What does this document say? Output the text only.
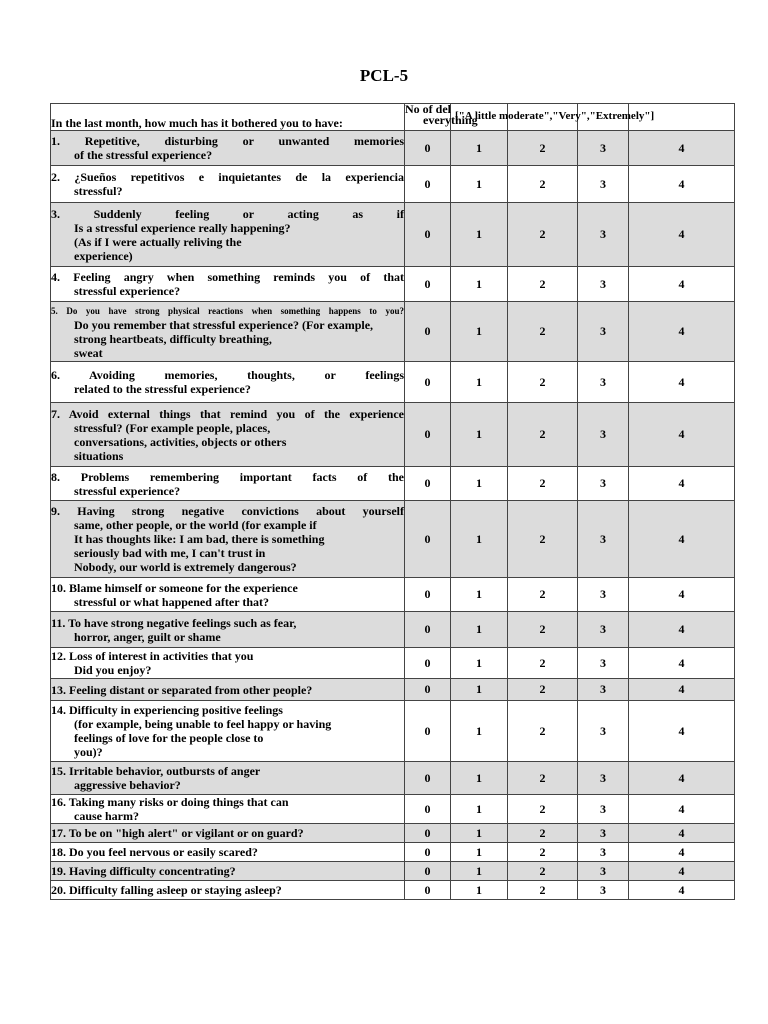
PCL-5
In the last month, how much has it bothered you to have:	No of del
everything	["A little moderate","Very","Extremely"]			

1. Repetitive, disturbing or unwanted memories
of the stressful experience?	0	1	2	3	4

2. ¿Sueños repetitivos e inquietantes de la experiencia
stressful?	0	1	2	3	4

3. Suddenly feeling or acting as if
Is a stressful experience really happening?
(As if I were actually reliving the
experience)	0	1	2	3	4

4. Feeling angry when something reminds you of that
stressful experience?	0	1	2	3	4

5. Do you have strong physical reactions when something happens to you?
Do you remember that stressful experience? (For example,
strong heartbeats, difficulty breathing,
sweat	0	1	2	3	4

6. Avoiding memories, thoughts, or feelings
related to the stressful experience?	0	1	2	3	4

7. Avoid external things that remind you of the experience
stressful? (For example people, places,
conversations, activities, objects or others
situations	0	1	2	3	4

8. Problems remembering important facts of the
stressful experience?	0	1	2	3	4

9. Having strong negative convictions about yourself
same, other people, or the world (for example if
It has thoughts like: I am bad, there is something
seriously bad with me, I can't trust in
Nobody, our world is extremely dangerous?	0	1	2	3	4

10. Blame himself or someone for the experience
stressful or what happened after that?	0	1	2	3	4

11. To have strong negative feelings such as fear,
horror, anger, guilt or shame	0	1	2	3	4

12. Loss of interest in activities that you
Did you enjoy?	0	1	2	3	4

13. Feeling distant or separated from other people?	0	1	2	3	4

14. Difficulty in experiencing positive feelings
(for example, being unable to feel happy or having
feelings of love for the people close to
you)?	0	1	2	3	4

15. Irritable behavior, outbursts of anger
aggressive behavior?	0	1	2	3	4

16. Taking many risks or doing things that can
cause harm?	0	1	2	3	4

17. To be on "high alert" or vigilant or on guard?	0	1	2	3	4

18. Do you feel nervous or easily scared?	0	1	2	3	4

19. Having difficulty concentrating?	0	1	2	3	4

20. Difficulty falling asleep or staying asleep?	0	1	2	3	4
